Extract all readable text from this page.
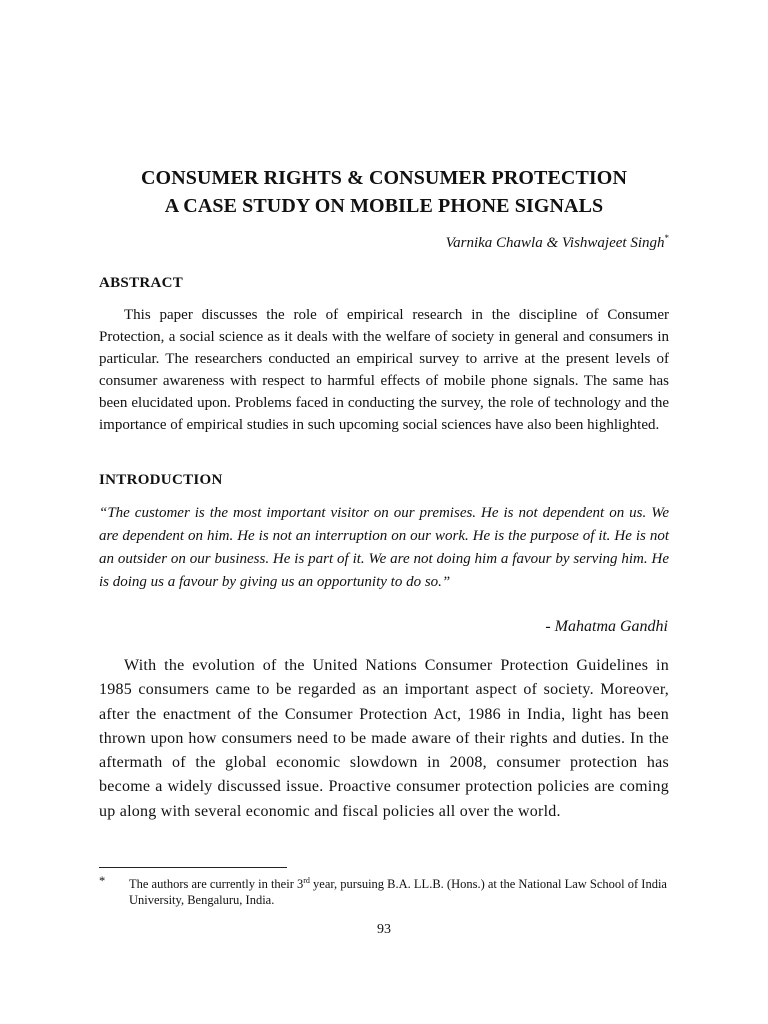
CONSUMER RIGHTS & CONSUMER PROTECTION
A CASE STUDY ON MOBILE PHONE SIGNALS
Varnika Chawla & Vishwajeet Singh*
ABSTRACT

This paper discusses the role of empirical research in the discipline of Consumer Protection, a social science as it deals with the welfare of society in general and consumers in particular. The researchers conducted an empirical survey to arrive at the present levels of consumer awareness with respect to harmful effects of mobile phone signals. The same has been elucidated upon. Problems faced in conducting the survey, the role of technology and the importance of empirical studies in such upcoming social sciences have also been highlighted.

INTRODUCTION

“The customer is the most important visitor on our premises. He is not dependent on us. We are dependent on him. He is not an interruption on our work. He is the purpose of it. He is not an outsider on our business. He is part of it. We are not doing him a favour by serving him. He is doing us a favour by giving us an opportunity to do so.”

- Mahatma Gandhi

With the evolution of the United Nations Consumer Protection Guidelines in 1985 consumers came to be regarded as an important aspect of society. Moreover, after the enactment of the Consumer Protection Act, 1986 in India, light has been thrown upon how consumers need to be made aware of their rights and duties. In the aftermath of the global economic slowdown in 2008, consumer protection has become a widely discussed issue. Proactive consumer protection policies are coming up along with several economic and fiscal policies all over the world.

* The authors are currently in their 3rd year, pursuing B.A. LL.B. (Hons.) at the National Law School of India University, Bengaluru, India.
93
